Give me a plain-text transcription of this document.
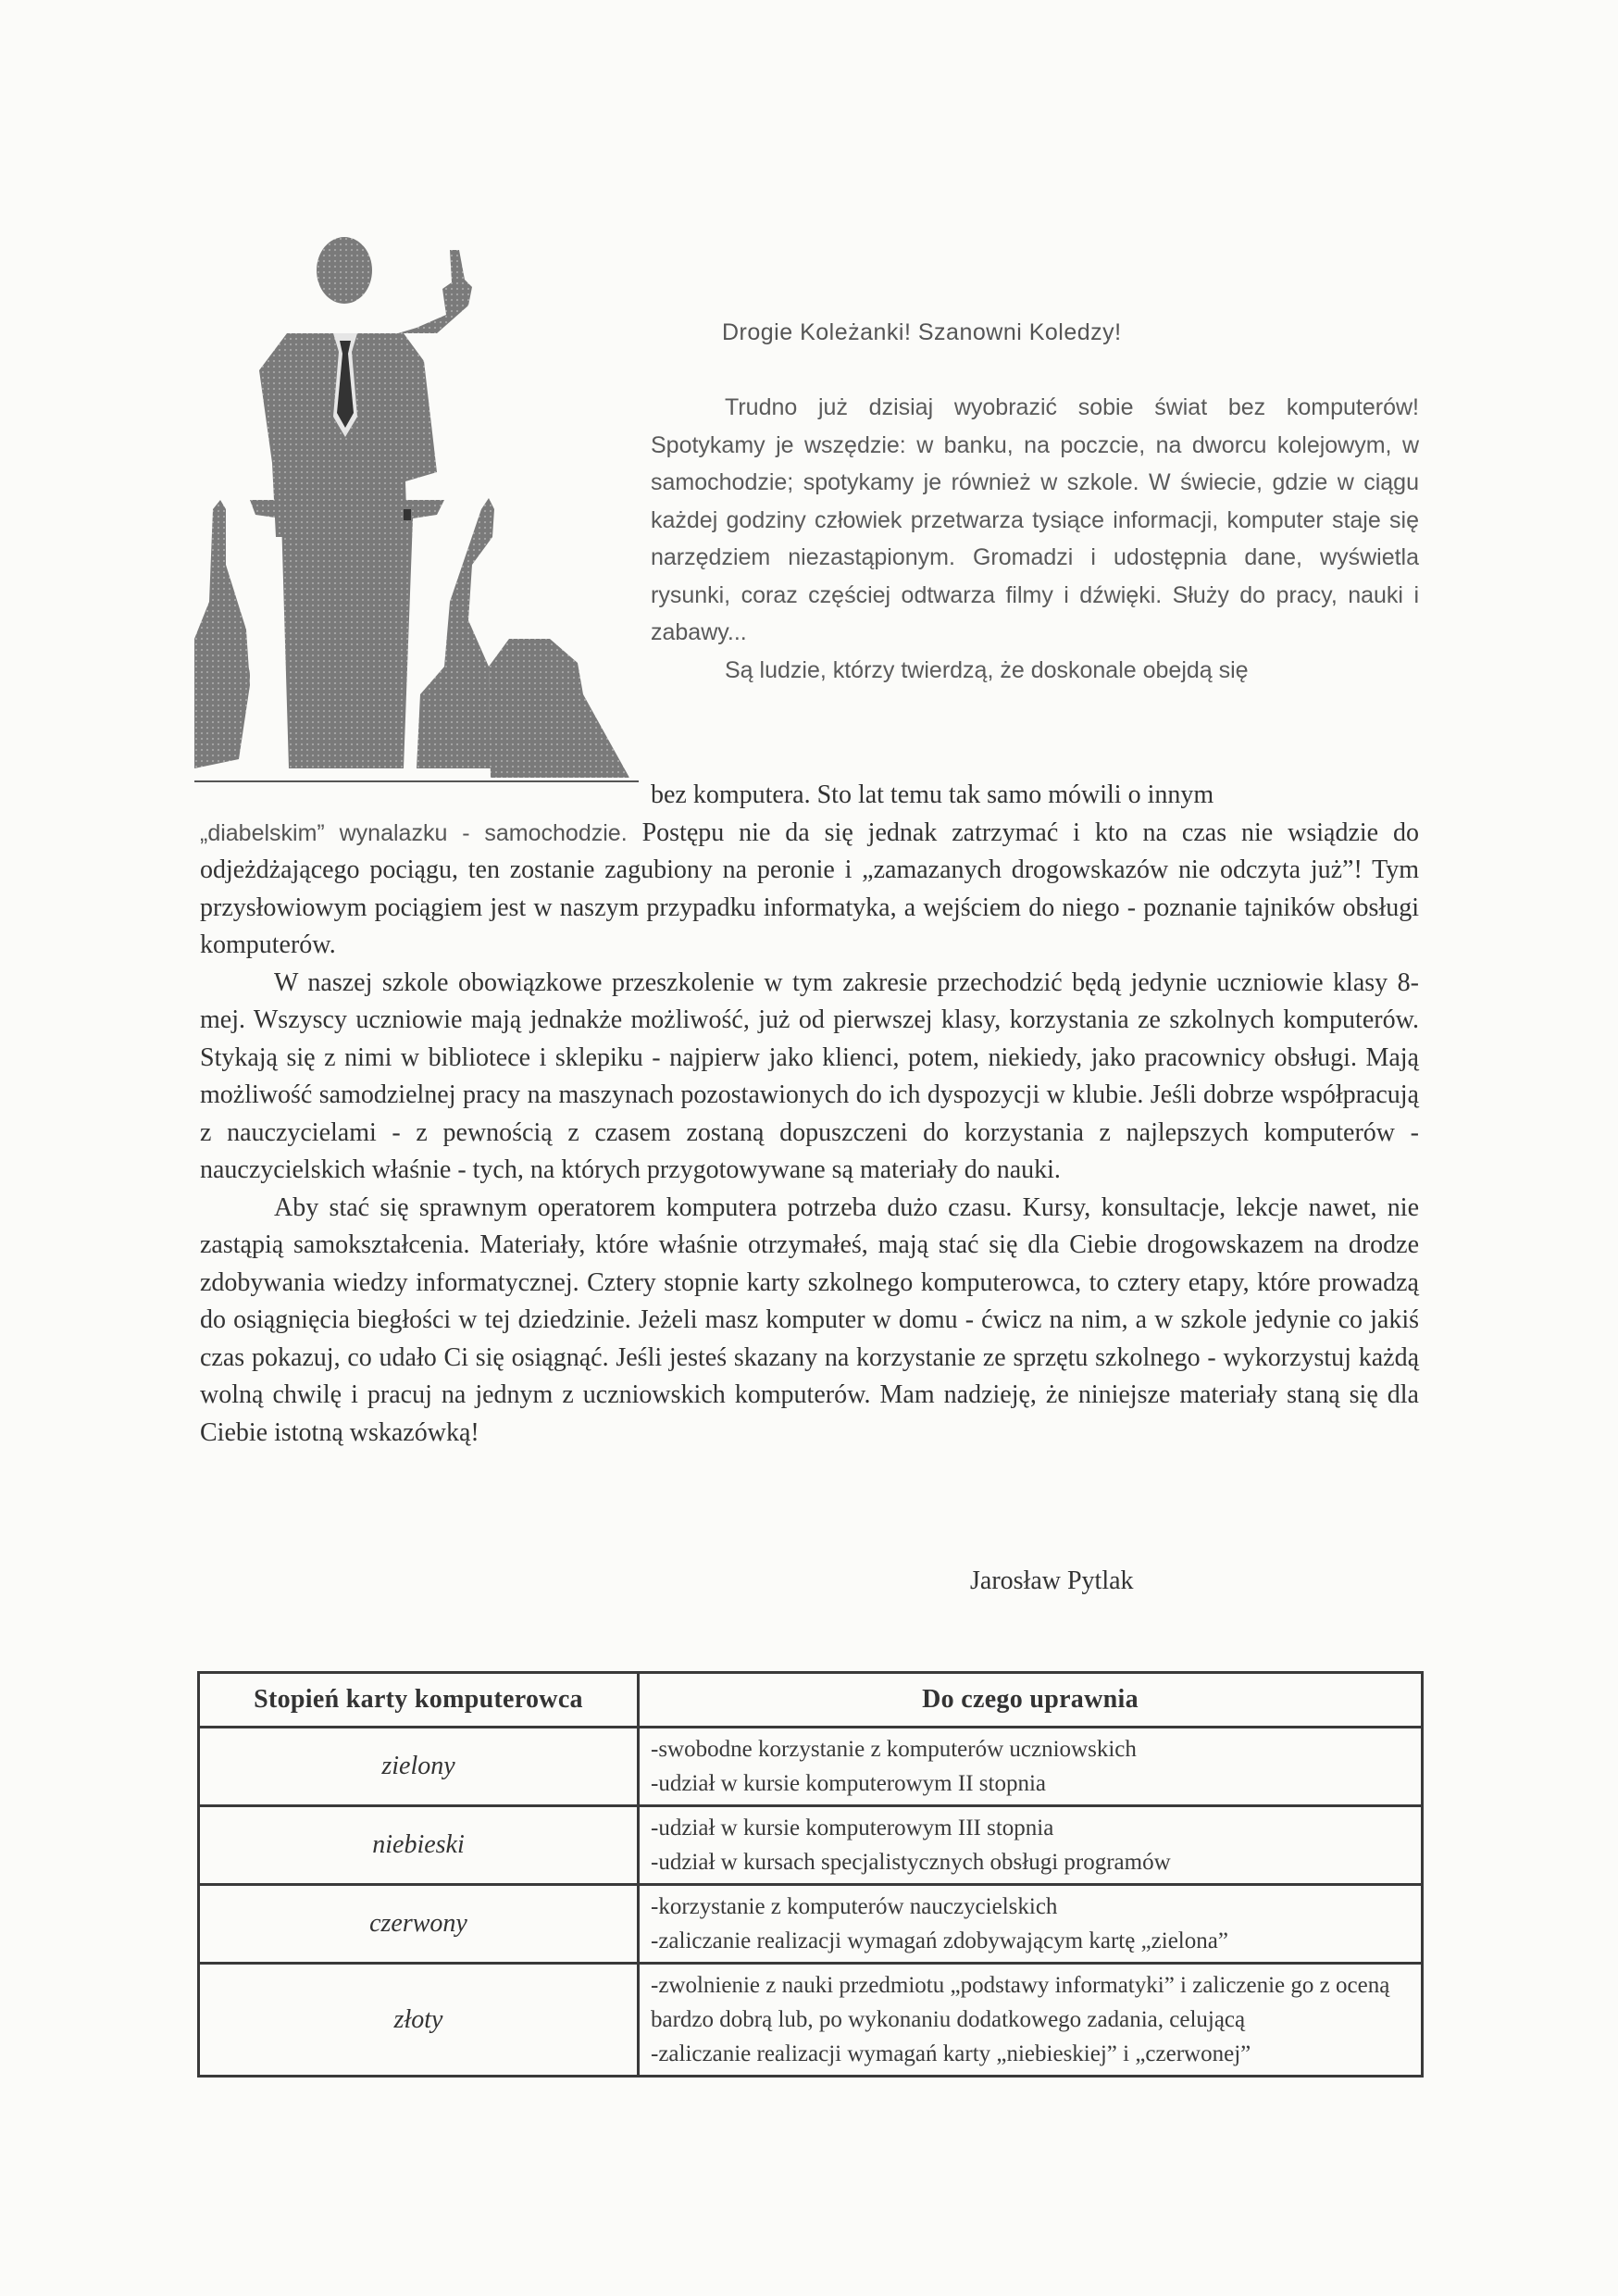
Drogie Koleżanki! Szanowni Koledzy!

Trudno już dzisiaj wyobrazić sobie świat bez komputerów! Spotykamy je wszędzie: w banku, na poczcie, na dworcu kolejowym, w samochodzie; spotykamy je również w szkole. W świecie, gdzie w ciągu każdej godziny człowiek przetwarza tysiące informacji, komputer staje się narzędziem niezastąpionym. Gromadzi i udostępnia dane, wyświetla rysunki, coraz częściej odtwarza filmy i dźwięki. Służy do pracy, nauki i zabawy...

Są ludzie, którzy twierdzą, że doskonale obejdą się

bez komputera. Sto lat temu tak samo mówili o innym

„diabelskim” wynalazku - samochodzie. Postępu nie da się jednak zatrzymać i kto na czas nie wsiądzie do odjeżdżającego pociągu, ten zostanie zagubiony na peronie i „zamazanych drogowskazów nie odczyta już”! Tym przysłowiowym pociągiem jest w naszym przypadku informatyka, a wejściem do niego - poznanie tajników obsługi komputerów.

W naszej szkole obowiązkowe przeszkolenie w tym zakresie przechodzić będą jedynie uczniowie klasy 8-mej. Wszyscy uczniowie mają jednakże możliwość, już od pierwszej klasy, korzystania ze szkolnych komputerów. Stykają się z nimi w bibliotece i sklepiku - najpierw jako klienci, potem, niekiedy, jako pracownicy obsługi. Mają możliwość samodzielnej pracy na maszynach pozostawionych do ich dyspozycji w klubie. Jeśli dobrze współpracują z nauczycielami - z pewnością z czasem zostaną dopuszczeni do korzystania z najlepszych komputerów - nauczycielskich właśnie - tych, na których przygotowywane są materiały do nauki.

Aby stać się sprawnym operatorem komputera potrzeba dużo czasu. Kursy, konsultacje, lekcje nawet, nie zastąpią samokształcenia. Materiały, które właśnie otrzymałeś, mają stać się dla Ciebie drogowskazem na drodze zdobywania wiedzy informatycznej. Cztery stopnie karty szkolnego komputerowca, to cztery etapy, które prowadzą do osiągnięcia biegłości w tej dziedzinie. Jeżeli masz komputer w domu - ćwicz na nim, a w szkole jedynie co jakiś czas pokazuj, co udało Ci się osiągnąć. Jeśli jesteś skazany na korzystanie ze sprzętu szkolnego - wykorzystuj każdą wolną chwilę i pracuj na jednym z uczniowskich komputerów. Mam nadzieję, że niniejsze materiały staną się dla Ciebie istotną wskazówką!

Jarosław Pytlak
Stopień karty komputerowca	Do czego uprawnia
zielony	-swobodne korzystanie z komputerów uczniowskich
-udział w kursie komputerowym II stopnia

niebieski	-udział w kursie komputerowym III stopnia
-udział w kursach specjalistycznych obsługi programów

czerwony	-korzystanie z komputerów nauczycielskich
-zaliczanie realizacji wymagań zdobywającym kartę „zielona”

złoty	-zwolnienie z nauki przedmiotu „podstawy informatyki” i zaliczenie go z oceną bardzo dobrą lub, po wykonaniu dodatkowego zadania, celującą
-zaliczanie realizacji wymagań karty „niebieskiej” i „czerwonej”
